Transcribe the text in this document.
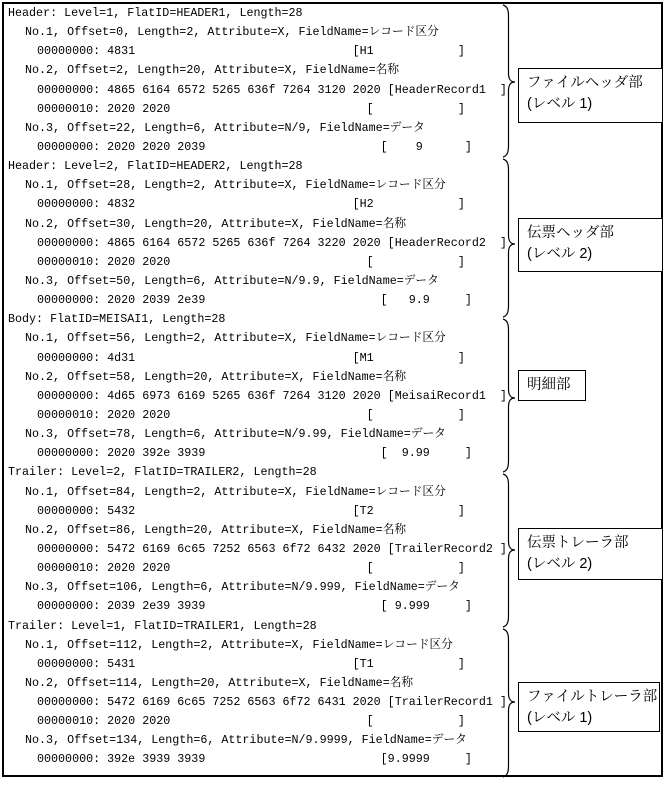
Header: Level=1, FlatID=HEADER1, Length=28
No.1, Offset=0, Length=2, Attribute=X, FieldName=レコード区分
00000000: 4831                               [H1            ]
No.2, Offset=2, Length=20, Attribute=X, FieldName=名称
00000000: 4865 6164 6572 5265 636f 7264 3120 2020 [HeaderRecord1  ]
00000010: 2020 2020                            [            ]
No.3, Offset=22, Length=6, Attribute=N/9, FieldName=データ
00000000: 2020 2020 2039                         [    9      ]
Header: Level=2, FlatID=HEADER2, Length=28
No.1, Offset=28, Length=2, Attribute=X, FieldName=レコード区分
00000000: 4832                               [H2            ]
No.2, Offset=30, Length=20, Attribute=X, FieldName=名称
00000000: 4865 6164 6572 5265 636f 7264 3220 2020 [HeaderRecord2  ]
00000010: 2020 2020                            [            ]
No.3, Offset=50, Length=6, Attribute=N/9.9, FieldName=データ
00000000: 2020 2039 2e39                         [   9.9     ]
Body: FlatID=MEISAI1, Length=28
No.1, Offset=56, Length=2, Attribute=X, FieldName=レコード区分
00000000: 4d31                               [M1            ]
No.2, Offset=58, Length=20, Attribute=X, FieldName=名称
00000000: 4d65 6973 6169 5265 636f 7264 3120 2020 [MeisaiRecord1  ]
00000010: 2020 2020                            [            ]
No.3, Offset=78, Length=6, Attribute=N/9.99, FieldName=データ
00000000: 2020 392e 3939                         [  9.99     ]
Trailer: Level=2, FlatID=TRAILER2, Length=28
No.1, Offset=84, Length=2, Attribute=X, FieldName=レコード区分
00000000: 5432                               [T2            ]
No.2, Offset=86, Length=20, Attribute=X, FieldName=名称
00000000: 5472 6169 6c65 7252 6563 6f72 6432 2020 [TrailerRecord2 ]
00000010: 2020 2020                            [            ]
No.3, Offset=106, Length=6, Attribute=N/9.999, FieldName=データ
00000000: 2039 2e39 3939                         [ 9.999     ]
Trailer: Level=1, FlatID=TRAILER1, Length=28
No.1, Offset=112, Length=2, Attribute=X, FieldName=レコード区分
00000000: 5431                               [T1            ]
No.2, Offset=114, Length=20, Attribute=X, FieldName=名称
00000000: 5472 6169 6c65 7252 6563 6f72 6431 2020 [TrailerRecord1 ]
00000010: 2020 2020                            [            ]
No.3, Offset=134, Length=6, Attribute=N/9.9999, FieldName=データ
00000000: 392e 3939 3939                         [9.9999     ]
ファイルヘッダ部
(レベル 1)
伝票ヘッダ部
(レベル 2)
明細部
伝票トレーラ部
(レベル 2)
ファイルトレーラ部
(レベル 1)
